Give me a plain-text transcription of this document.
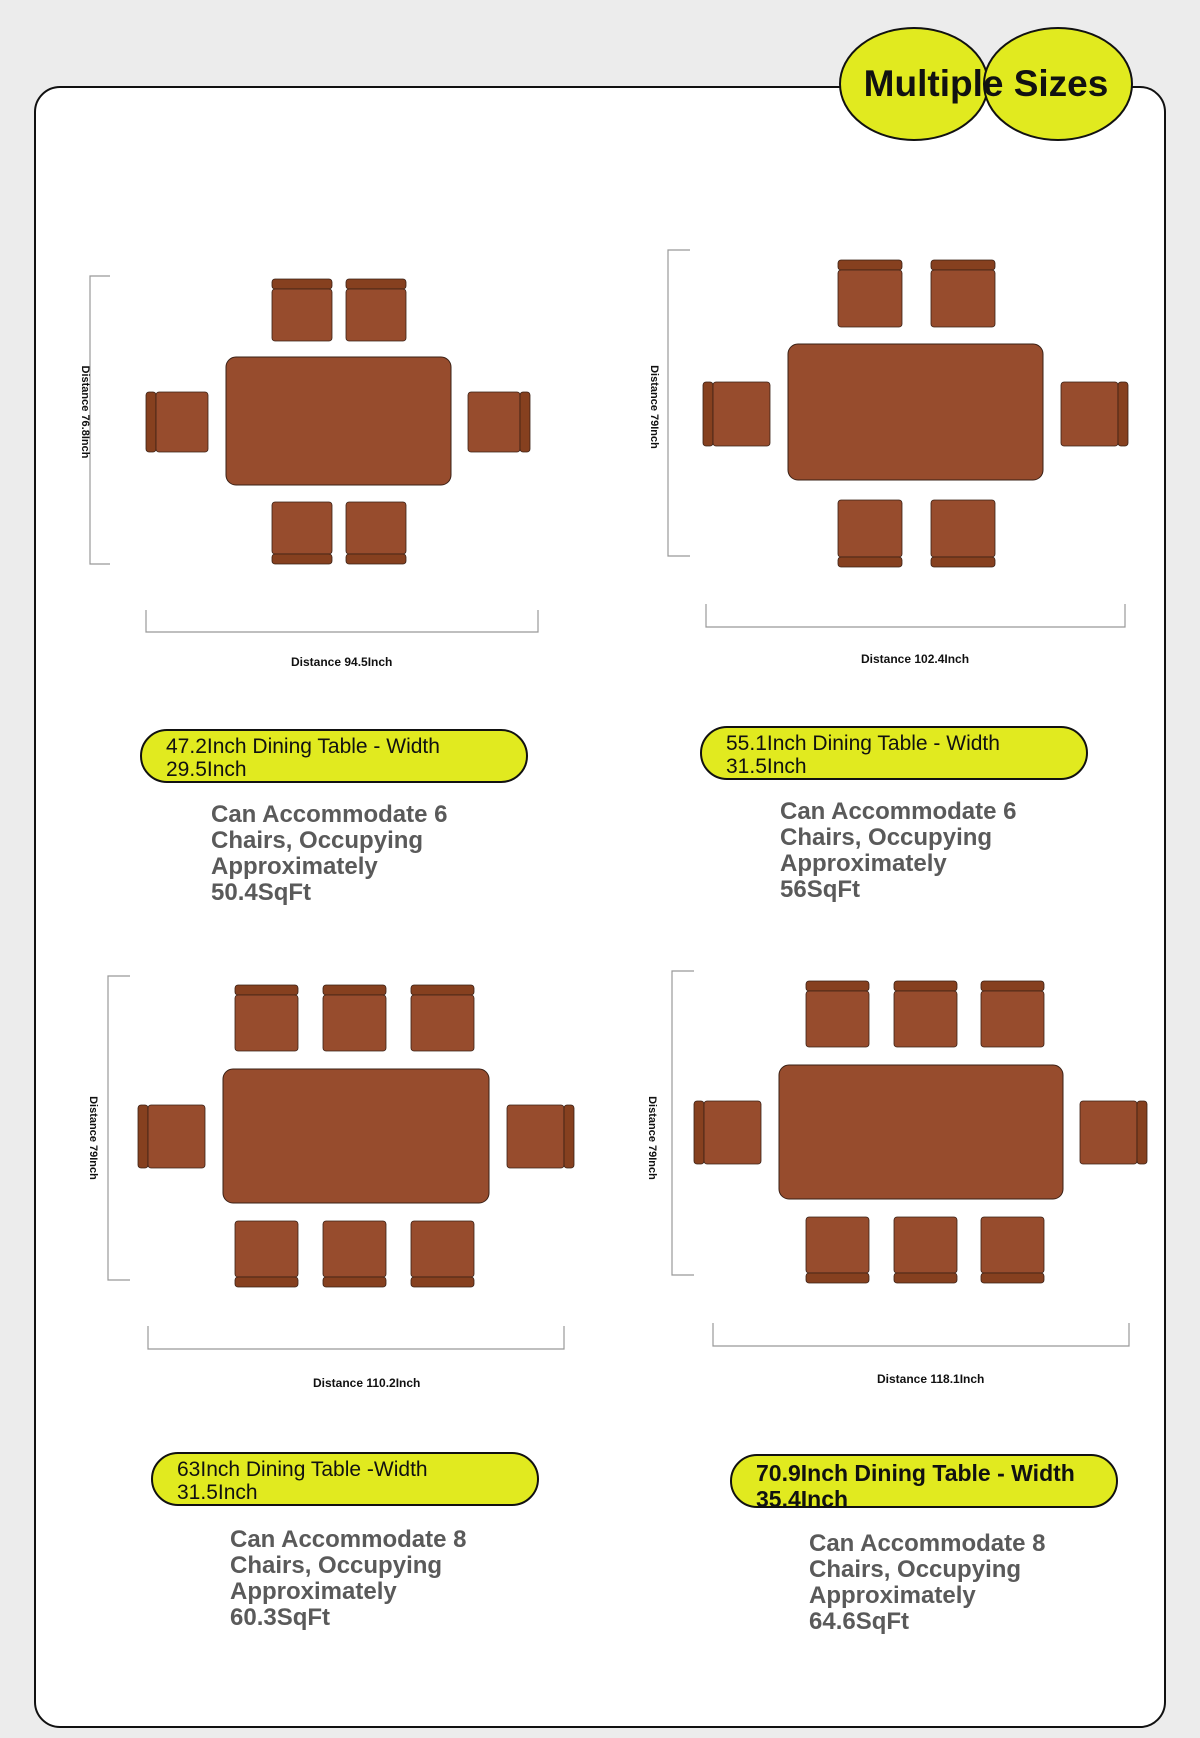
Multiple Sizes
Distance 76.8Inch
Distance 94.5Inch
47.2Inch Dining Table - Width
29.5Inch
Can Accommodate 6
Chairs, Occupying
Approximately
50.4SqFt
Distance 79Inch
Distance 102.4Inch
55.1Inch Dining Table - Width
31.5Inch
Can Accommodate 6
Chairs, Occupying
Approximately
56SqFt
Distance 79Inch
Distance 110.2Inch
63Inch Dining Table -Width
31.5Inch
Can Accommodate 8
Chairs, Occupying
Approximately
60.3SqFt
Distance 79Inch
Distance 118.1Inch
70.9Inch Dining Table - Width
35.4Inch
Can Accommodate 8
Chairs, Occupying
Approximately
64.6SqFt
